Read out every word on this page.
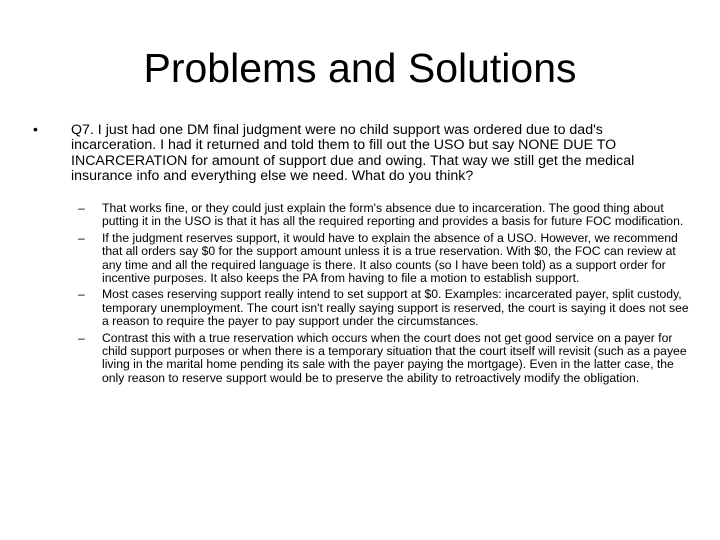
Problems and Solutions
• Q7. I just had one DM final judgment were no child support was ordered due to dad's incarceration. I had it returned and told them to fill out the USO but say NONE DUE TO INCARCERATION for amount of support due and owing. That way we still get the medical insurance info and everything else we need. What do you think?

– That works fine, or they could just explain the form's absence due to incarceration. The good thing about putting it in the USO is that it has all the required reporting and provides a basis for future FOC modification.
– If the judgment reserves support, it would have to explain the absence of a USO. However, we recommend that all orders say $0 for the support amount unless it is a true reservation. With $0, the FOC can review at any time and all the required language is there. It also counts (so I have been told) as a support order for incentive purposes. It also keeps the PA from having to file a motion to establish support.
– Most cases reserving support really intend to set support at $0. Examples: incarcerated payer, split custody, temporary unemployment. The court isn't really saying support is reserved, the court is saying it does not see a reason to require the payer to pay support under the circumstances.
– Contrast this with a true reservation which occurs when the court does not get good service on a payer for child support purposes or when there is a temporary situation that the court itself will revisit (such as a payee living in the marital home pending its sale with the payer paying the mortgage). Even in the latter case, the only reason to reserve support would be to preserve the ability to retroactively modify the obligation.
